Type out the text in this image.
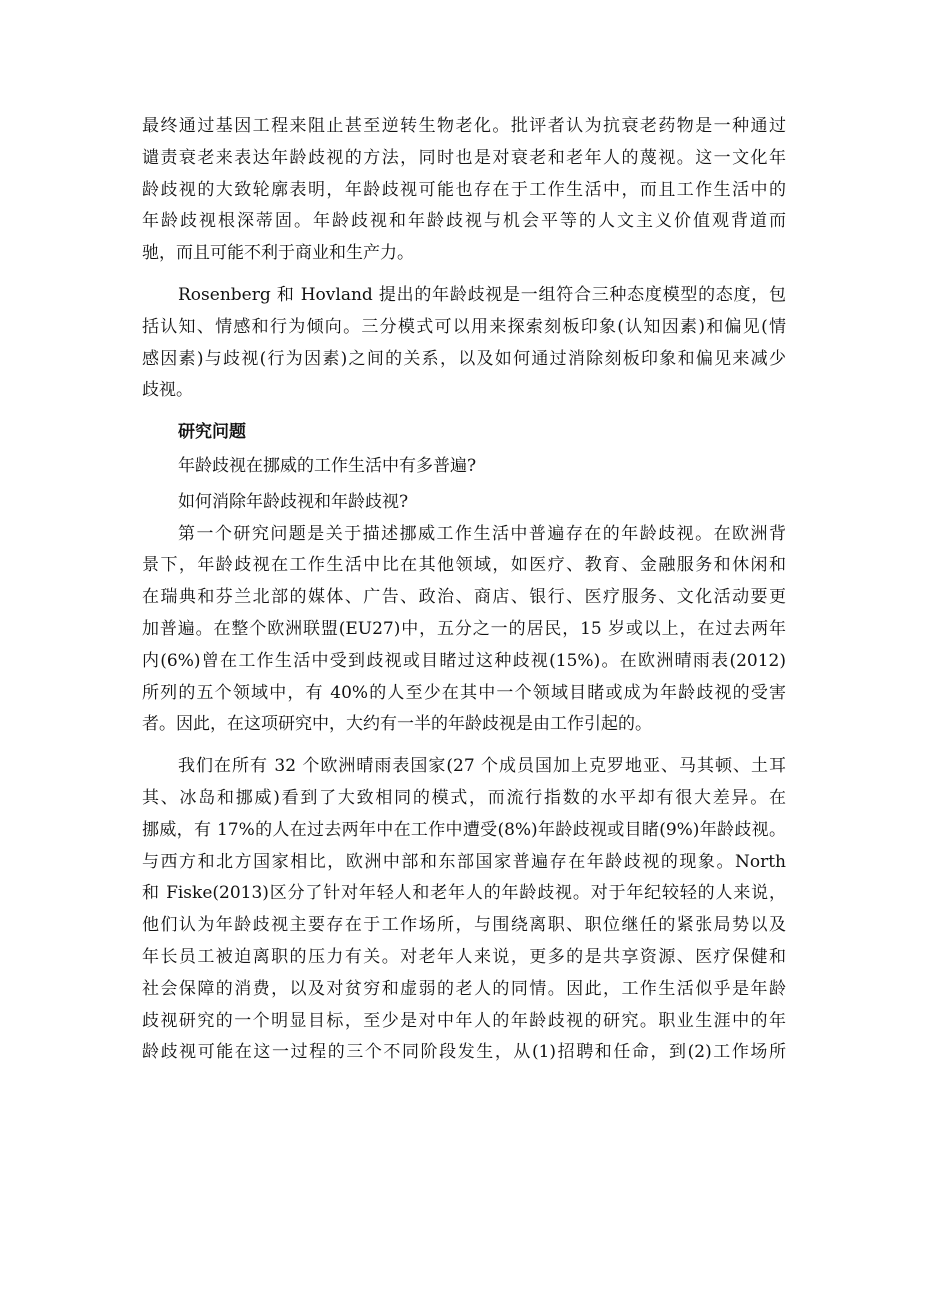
最终通过基因工程来阻止甚至逆转生物老化。批评者认为抗衰老药物是一种通过
谴责衰老来表达年龄歧视的方法，同时也是对衰老和老年人的蔑视。这一文化年
龄歧视的大致轮廓表明，年龄歧视可能也存在于工作生活中，而且工作生活中的
年龄歧视根深蒂固。年龄歧视和年龄歧视与机会平等的人文主义价值观背道而
驰，而且可能不利于商业和生产力。
Rosenberg 和 Hovland 提出的年龄歧视是一组符合三种态度模型的态度，包
括认知、情感和行为倾向。三分模式可以用来探索刻板印象(认知因素)和偏见(情
感因素)与歧视(行为因素)之间的关系，以及如何通过消除刻板印象和偏见来减少
歧视。
研究问题
年龄歧视在挪威的工作生活中有多普遍?
如何消除年龄歧视和年龄歧视?
第一个研究问题是关于描述挪威工作生活中普遍存在的年龄歧视。在欧洲背
景下，年龄歧视在工作生活中比在其他领域，如医疗、教育、金融服务和休闲和
在瑞典和芬兰北部的媒体、广告、政治、商店、银行、医疗服务、文化活动要更
加普遍。在整个欧洲联盟(EU27)中，五分之一的居民，15 岁或以上，在过去两年
内(6%)曾在工作生活中受到歧视或目睹过这种歧视(15%)。在欧洲晴雨表(2012)
所列的五个领域中，有 40%的人至少在其中一个领域目睹或成为年龄歧视的受害
者。因此，在这项研究中，大约有一半的年龄歧视是由工作引起的。
我们在所有 32 个欧洲晴雨表国家(27 个成员国加上克罗地亚、马其顿、土耳
其、冰岛和挪威)看到了大致相同的模式，而流行指数的水平却有很大差异。在
挪威，有 17%的人在过去两年中在工作中遭受(8%)年龄歧视或目睹(9%)年龄歧视。
与西方和北方国家相比，欧洲中部和东部国家普遍存在年龄歧视的现象。North
和 Fiske(2013)区分了针对年轻人和老年人的年龄歧视。对于年纪较轻的人来说，
他们认为年龄歧视主要存在于工作场所，与围绕离职、职位继任的紧张局势以及
年长员工被迫离职的压力有关。对老年人来说，更多的是共享资源、医疗保健和
社会保障的消费，以及对贫穷和虚弱的老人的同情。因此，工作生活似乎是年龄
歧视研究的一个明显目标，至少是对中年人的年龄歧视的研究。职业生涯中的年
龄歧视可能在这一过程的三个不同阶段发生，从(1)招聘和任命，到(2)工作场所
